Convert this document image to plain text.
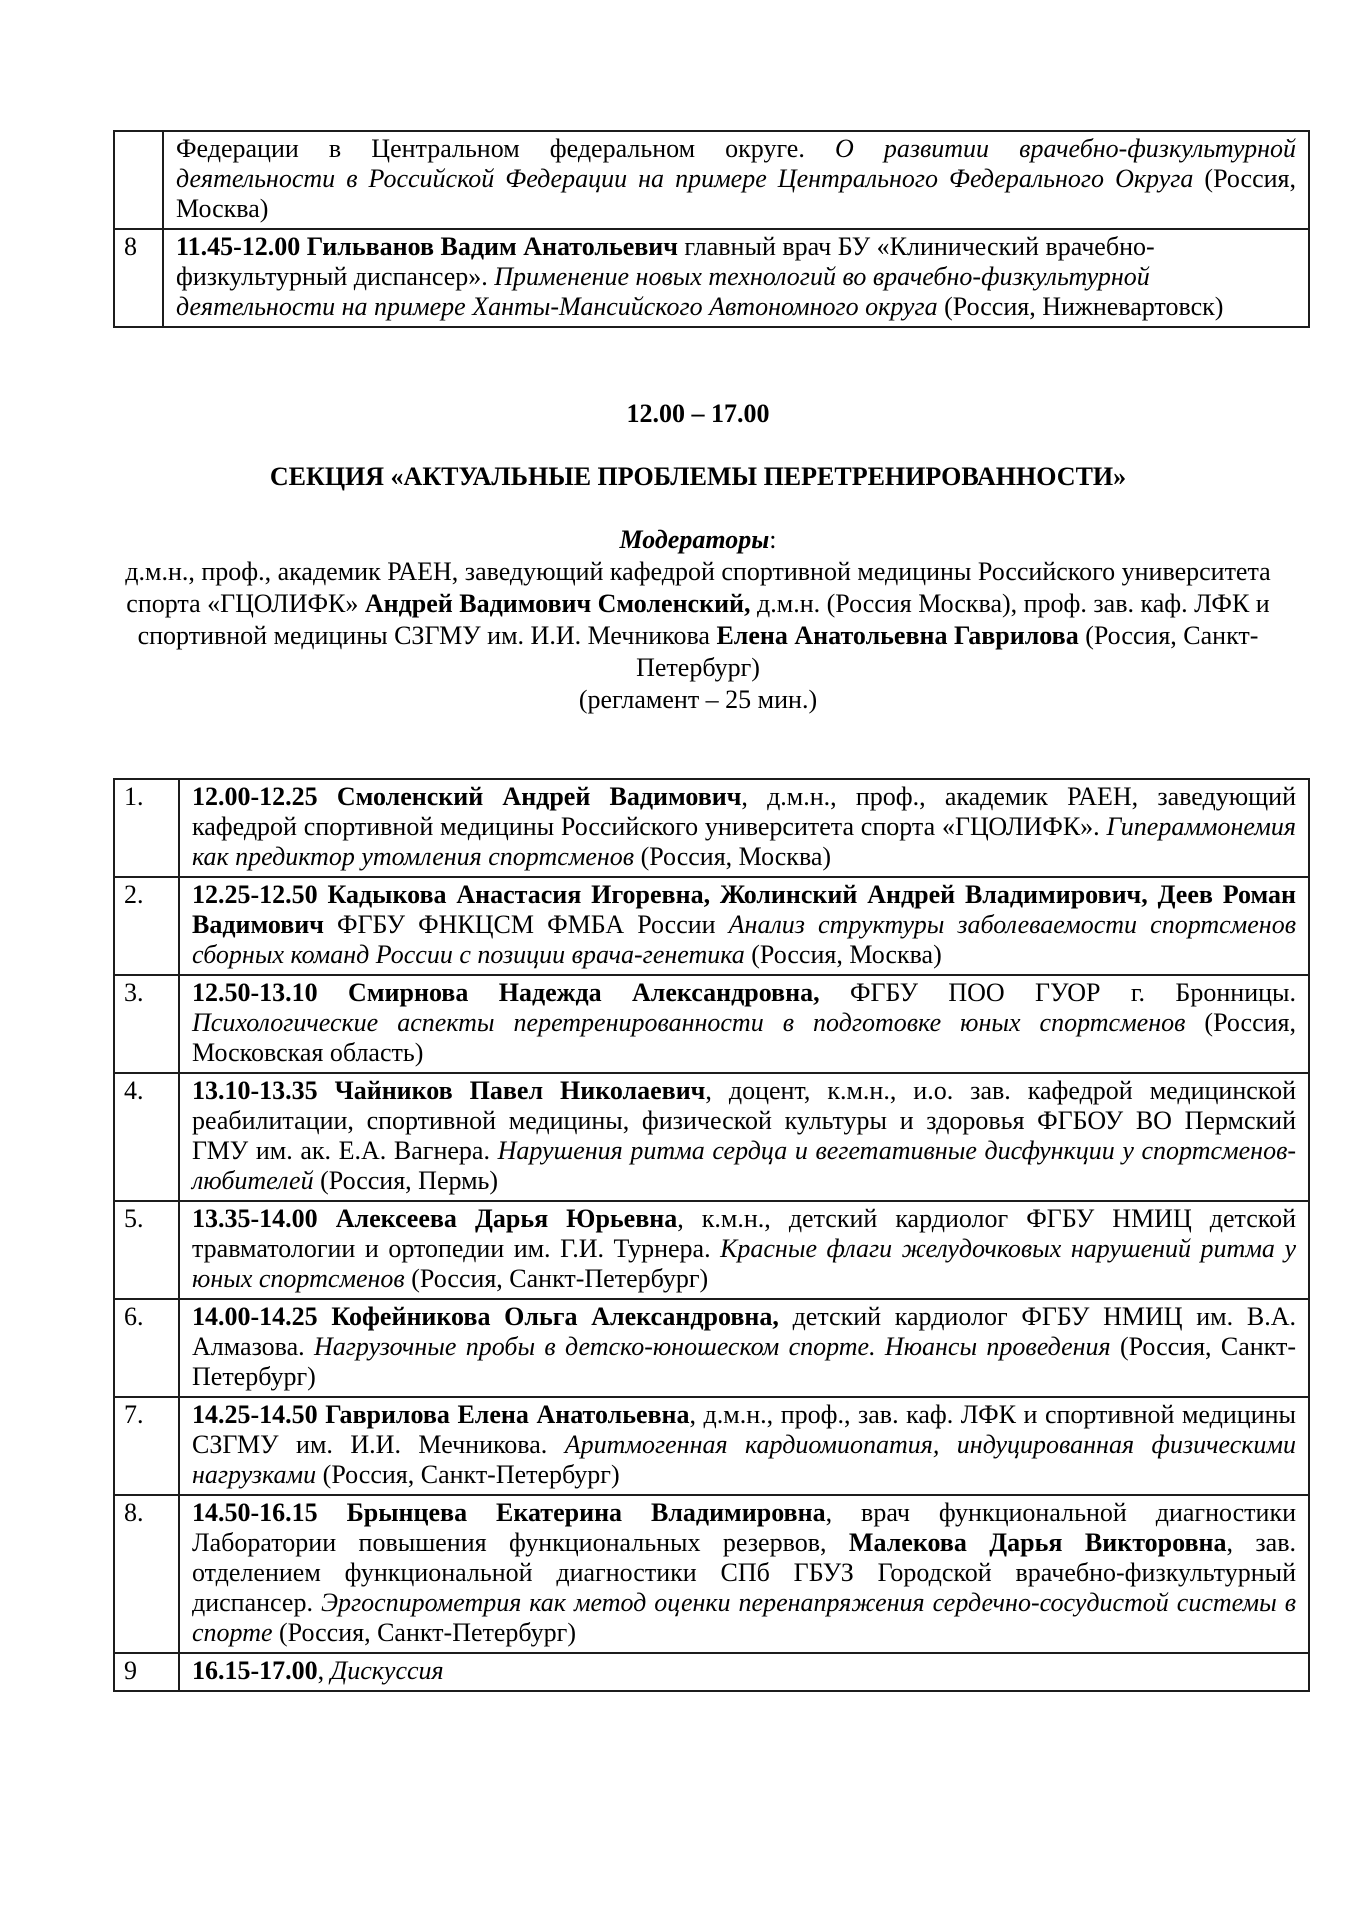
	Федерации в Центральном федеральном округе. О развитии врачебно-физкультурной деятельности в Российской Федерации на примере Центрального Федерального Округа (Россия, Москва)
8	11.45-12.00 Гильванов Вадим Анатольевич главный врач БУ «Клинический врачебно-физкультурный диспансер». Применение новых технологий во врачебно-физкультурной деятельности на примере Ханты-Мансийского Автономного округа (Россия, Нижневартовск)
12.00 – 17.00
СЕКЦИЯ «АКТУАЛЬНЫЕ ПРОБЛЕМЫ ПЕРЕТРЕНИРОВАННОСТИ»
Модераторы:
д.м.н., проф., академик РАЕН, заведующий кафедрой спортивной медицины Российского университета спорта «ГЦОЛИФК» Андрей Вадимович Смоленский, д.м.н. (Россия Москва), проф. зав. каф. ЛФК и спортивной медицины СЗГМУ им. И.И. Мечникова Елена Анатольевна Гаврилова (Россия, Санкт-Петербург)
(регламент – 25 мин.)
1.	12.00-12.25 Смоленский Андрей Вадимович, д.м.н., проф., академик РАЕН, заведующий кафедрой спортивной медицины Российского университета спорта «ГЦОЛИФК». Гипераммонемия как предиктор утомления спортсменов (Россия, Москва)
2.	12.25-12.50 Кадыкова Анастасия Игоревна, Жолинский Андрей Владимирович, Деев Роман Вадимович ФГБУ ФНКЦСМ ФМБА России Анализ структуры заболеваемости спортсменов сборных команд России с позиции врача-генетика (Россия, Москва)
3.	12.50-13.10 Смирнова Надежда Александровна, ФГБУ ПОО ГУОР г. Бронницы. Психологические аспекты перетренированности в подготовке юных спортсменов (Россия, Московская область)
4.	13.10-13.35 Чайников Павел Николаевич, доцент, к.м.н., и.о. зав. кафедрой медицинской реабилитации, спортивной медицины, физической культуры и здоровья ФГБОУ ВО Пермский ГМУ им. ак. Е.А. Вагнера. Нарушения ритма сердца и вегетативные дисфункции у спортсменов-любителей (Россия, Пермь)
5.	13.35-14.00 Алексеева Дарья Юрьевна, к.м.н., детский кардиолог ФГБУ НМИЦ детской травматологии и ортопедии им. Г.И. Турнера. Красные флаги желудочковых нарушений ритма у юных спортсменов (Россия, Санкт-Петербург)
6.	14.00-14.25 Кофейникова Ольга Александровна, детский кардиолог ФГБУ НМИЦ им. В.А. Алмазова. Нагрузочные пробы в детско-юношеском спорте. Нюансы проведения (Россия, Санкт-Петербург)
7.	14.25-14.50 Гаврилова Елена Анатольевна, д.м.н., проф., зав. каф. ЛФК и спортивной медицины СЗГМУ им. И.И. Мечникова. Аритмогенная кардиомиопатия, индуцированная физическими нагрузками (Россия, Санкт-Петербург)
8.	14.50-16.15 Брынцева Екатерина Владимировна, врач функциональной диагностики Лаборатории повышения функциональных резервов, Малекова Дарья Викторовна, зав. отделением функциональной диагностики СПб ГБУЗ Городской врачебно-физкультурный диспансер. Эргоспирометрия как метод оценки перенапряжения сердечно-сосудистой системы в спорте (Россия, Санкт-Петербург)
9	16.15-17.00, Дискуссия
